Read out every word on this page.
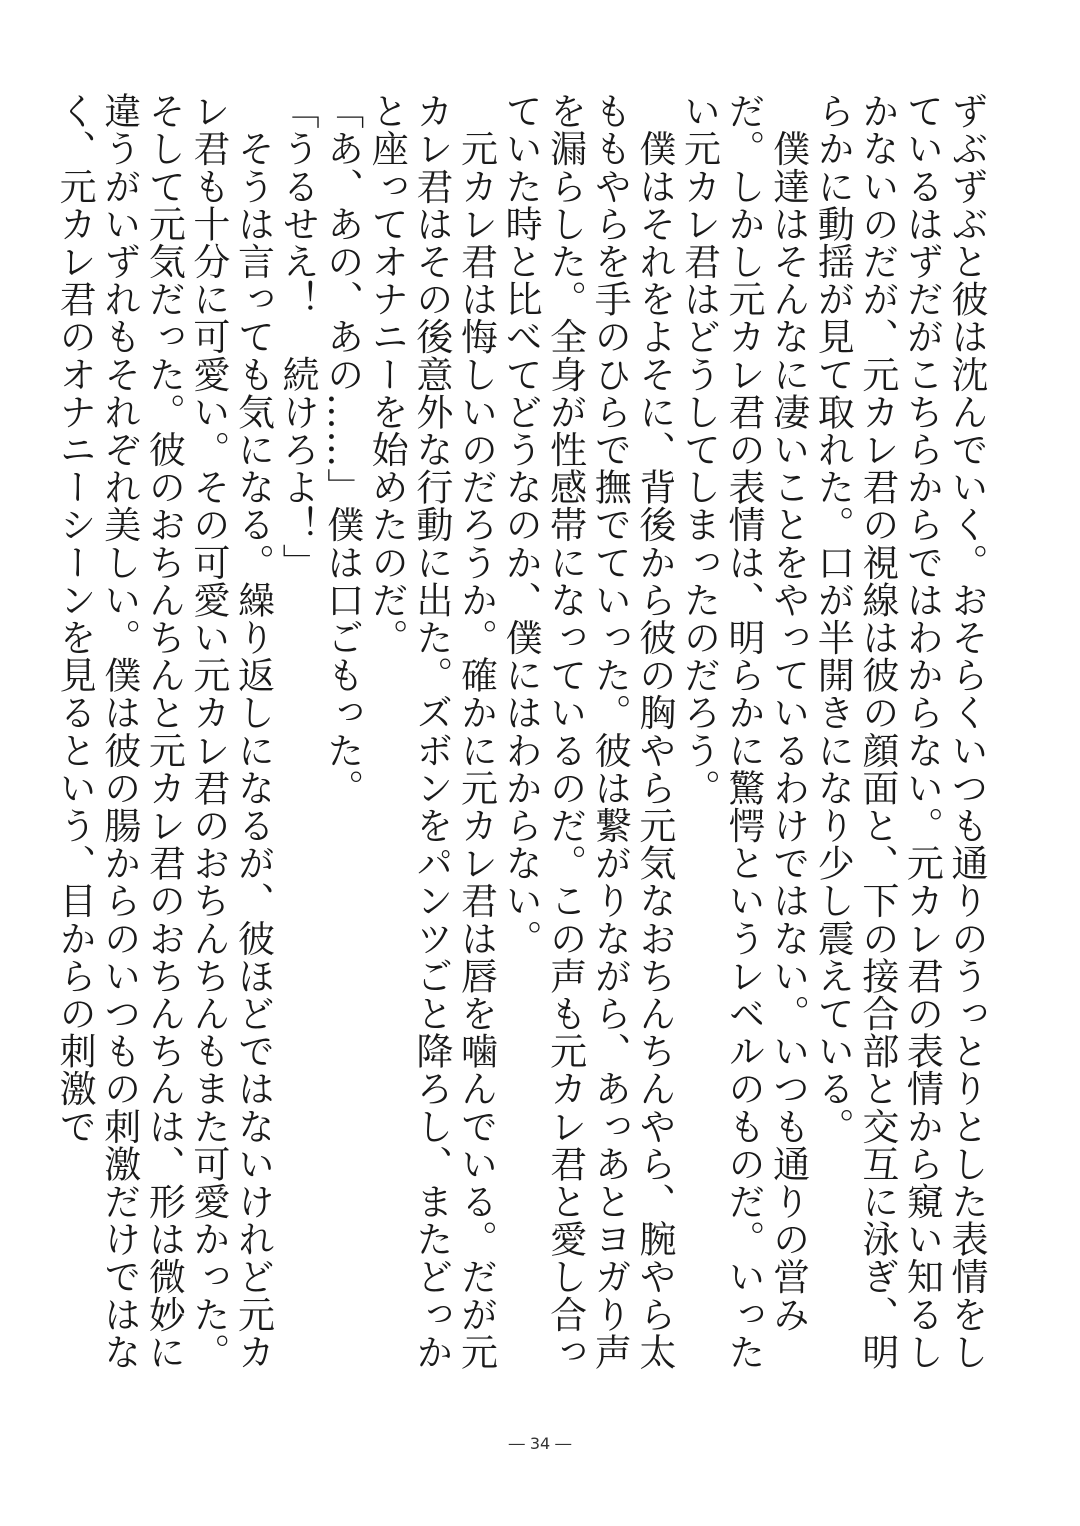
ずぶずぶと彼は沈んでいく。おそらくいつも通りのうっとりとした表情をしているはずだがこちらからではわからない。元カレ君の表情から窺い知るしかないのだが、元カレ君の視線は彼の顔面と、下の接合部と交互に泳ぎ、明らかに動揺が見て取れた。口が半開きになり少し震えている。

　僕達はそんなに凄いことをやっているわけではない。いつも通りの営みだ。しかし元カレ君の表情は、明らかに驚愕というレベルのものだ。いったい元カレ君はどうしてしまったのだろう。

　僕はそれをよそに、背後から彼の胸やら元気なおちんちんやら、腕やら太ももやらを手のひらで撫でていった。彼は繋がりながら、あっあとヨガり声を漏らした。全身が性感帯になっているのだ。この声も元カレ君と愛し合っていた時と比べてどうなのか、僕にはわからない。

　元カレ君は悔しいのだろうか。確かに元カレ君は唇を噛んでいる。だが元カレ君はその後意外な行動に出た。ズボンをパンツごと降ろし、またどっかと座ってオナニーを始めたのだ。

「あ、あの、あの……」僕は口ごもった。

「うるせえ！　続けろよ！」

　そうは言っても気になる。繰り返しになるが、彼ほどではないけれど元カレ君も十分に可愛い。その可愛い元カレ君のおちんちんもまた可愛かった。そして元気だった。彼のおちんちんと元カレ君のおちんちんは、形は微妙に違うがいずれもそれぞれ美しい。僕は彼の腸からのいつもの刺激だけではなく、元カレ君のオナニーシーンを見るという、目からの刺激で

― 34 ―
